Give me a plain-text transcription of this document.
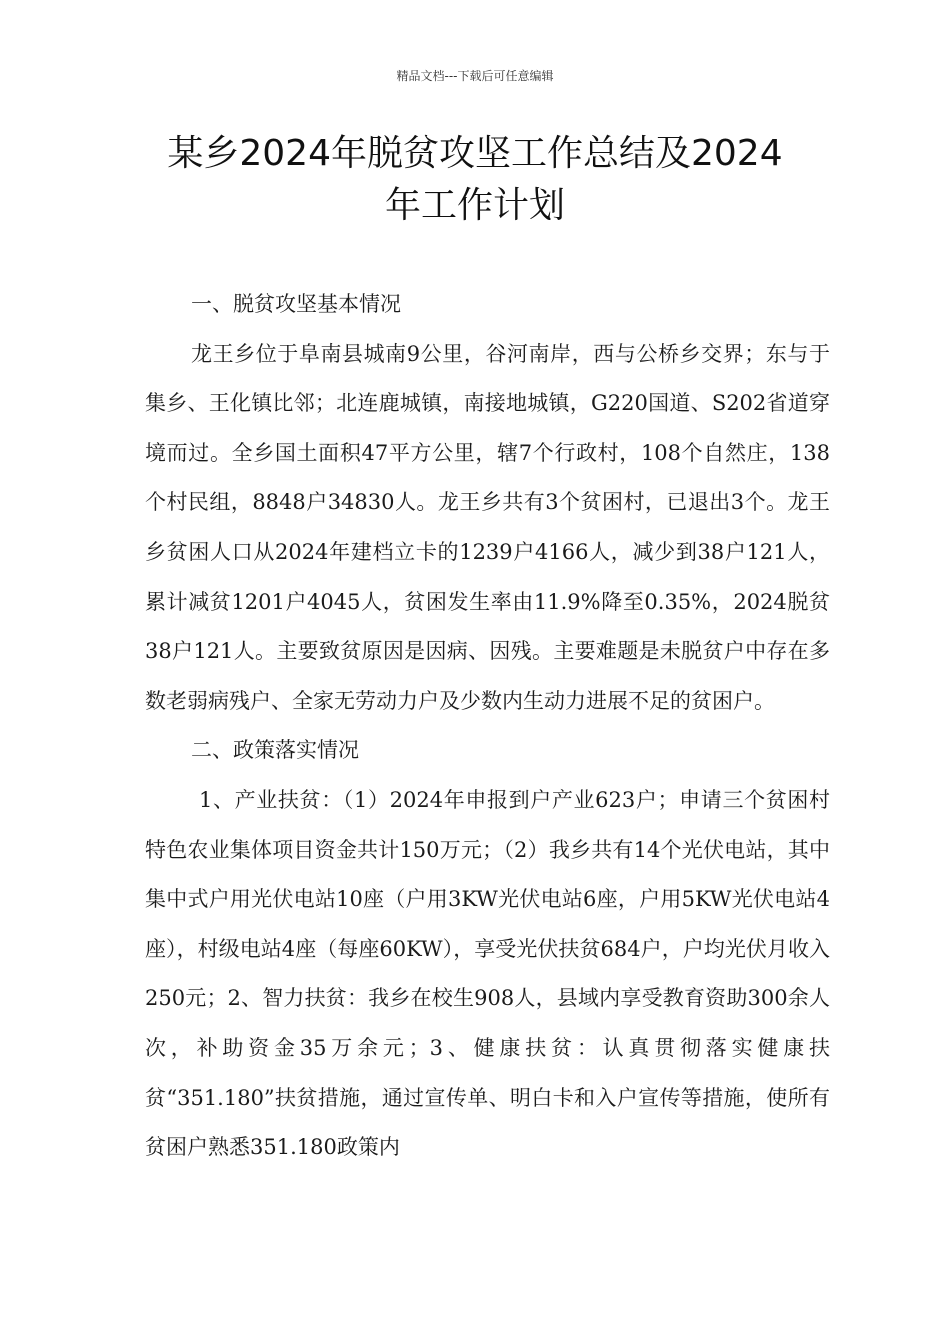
精品文档---下载后可任意编辑
某乡2024年脱贫攻坚工作总结及2024
年工作计划

一、脱贫攻坚基本情况

龙王乡位于阜南县城南9公里，谷河南岸，西与公桥乡交界；东与于集乡、王化镇比邻；北连鹿城镇，南接地城镇，G220国道、S202省道穿境而过。全乡国土面积47平方公里，辖7个行政村，108个自然庄，138个村民组，8848户34830人。龙王乡共有3个贫困村，已退出3个。龙王乡贫困人口从2024年建档立卡的1239户4166人，减少到38户121人，累计减贫1201户4045人，贫困发生率由11.9%降至0.35%，2024脱贫38户121人。主要致贫原因是因病、因残。主要难题是未脱贫户中存在多数老弱病残户、全家无劳动力户及少数内生动力进展不足的贫困户。

二、政策落实情况

1、产业扶贫：（1）2024年申报到户产业623户；申请三个贫困村特色农业集体项目资金共计150万元；（2）我乡共有14个光伏电站，其中集中式户用光伏电站10座（户用3KW光伏电站6座，户用5KW光伏电站4座），村级电站4座（每座60KW），享受光伏扶贫684户，户均光伏月收入250元；2、智力扶贫：我乡在校生908人，县域内享受教育资助300余人次，补助资金35万余元；3、健康扶贫：认真贯彻落实健康扶贫“351.180”扶贫措施，通过宣传单、明白卡和入户宣传等措施，使所有贫困户熟悉351.180政策内
